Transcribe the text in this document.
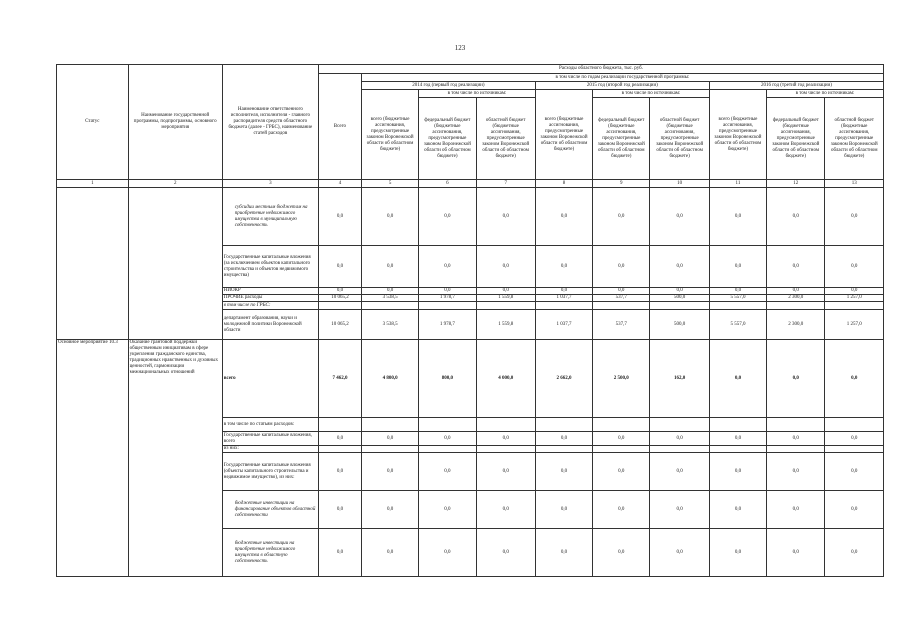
123
Статус	Наименование государственной программы, подпрограммы, основного мероприятия	Наименование ответственного исполнителя, исполнителя - главного распорядителя средств областного бюджета (далее - ГРБС), наименование статей расходов	Расходы областного бюджета, тыс. руб.									
			Всего	в том числе по годам реализации государственной программы:								
				2014 год (первый год реализации)			2015 год (второй год реализации)			2016 год (третий год реализации)		
				всего (бюджетные ассигнования, предусмотренные законом Воронежской области об областном бюджете)	в том числе по источникам:		всего (бюджетные ассигнования, предусмотренные законом Воронежской области об областном бюджете)	в том числе по источникам:		всего (бюджетные ассигнования, предусмотренные законом Воронежской области об областном бюджете)	в том числе по источникам:	
					федеральный бюджет (бюджетные ассигнования, предусмотренные законом Воронежской области об областном бюджете)	областной бюджет (бюджетные ассигнования, предусмотренные законом Воронежской области об областном бюджете)		федеральный бюджет (бюджетные ассигнования, предусмотренные законом Воронежской области об областном бюджете)	областной бюджет (бюджетные ассигнования, предусмотренные законом Воронежской области об областном бюджете)		федеральный бюджет (бюджетные ассигнования, предусмотренные законом Воронежской области об областном бюджете)	областной бюджет (бюджетные ассигнования, предусмотренные законом Воронежской области об областном бюджете)
1	2	3	4	5	6	7	8	9	10	11	12	13
		субсидии местным бюджетам на приобретение недвижимого имущества в муниципальную собственность	0,0	0,0	0,0	0,0	0,0	0,0	0,0	0,0	0,0	0,0
		Государственные капитальные вложения (за исключением объектов капитального строительства и объектов недвижимого имущества)	0,0	0,0	0,0	0,0	0,0	0,0	0,0	0,0	0,0	0,0
		НИОКР	0,0	0,0	0,0	0,0	0,0	0,0	0,0	0,0	0,0	0,0
		ПРОЧИЕ расходы	10 065,2	3 538,5	1 978,7	1 559,8	1 037,7	537,7	500,0	5 557,0	2 300,0	1 257,0
		в том числе по ГРБС:										
		департамент образования, науки и молодежной политики Воронежской области	10 065,2	3 538,5	1 978,7	1 559,8	1 037,7	537,7	500,0	5 557,0	2 300,0	1 257,0
Основное мероприятие 10.3	Оказание грантовой поддержки общественным инициативам в сфере укрепления гражданского единства, традиционных нравственных и духовных ценностей, гармонизации межнациональных отношений	всего	7 462,0	4 800,0	800,0	4 000,0	2 662,0	2 500,0	162,0	0,0	0,0	0,0
		в том числе по статьям расходов:										
		Государственные капитальные вложения, всего	0,0	0,0	0,0	0,0	0,0	0,0	0,0	0,0	0,0	0,0
		из них:										
		Государственные капитальные вложения (объекты капитального строительства и недвижимое имущество), из них:	0,0	0,0	0,0	0,0	0,0	0,0	0,0	0,0	0,0	0,0
		бюджетные инвестиции на финансирование объектов областной собственности	0,0	0,0	0,0	0,0	0,0	0,0	0,0	0,0	0,0	0,0
		бюджетные инвестиции на приобретение недвижимого имущества в областную собственность	0,0	0,0	0,0	0,0	0,0	0,0	0,0	0,0	0,0	0,0
